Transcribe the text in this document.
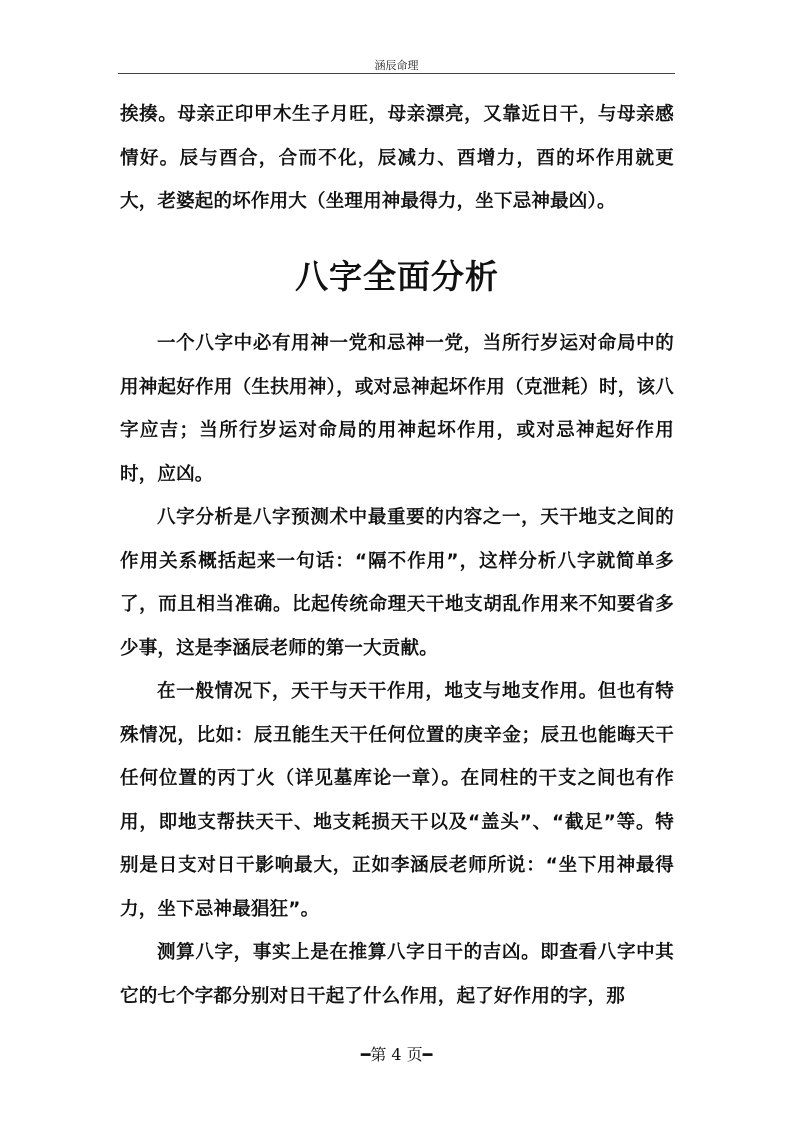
涵辰命理

挨揍。母亲正印甲木生子月旺，母亲漂亮，又靠近日干，与母亲感情好。辰与酉合，合而不化，辰减力、酉增力，酉的坏作用就更大，老婆起的坏作用大（坐理用神最得力，坐下忌神最凶）。

八字全面分析

一个八字中必有用神一党和忌神一党，当所行岁运对命局中的用神起好作用（生扶用神），或对忌神起坏作用（克泄耗）时，该八字应吉；当所行岁运对命局的用神起坏作用，或对忌神起好作用时，应凶。

八字分析是八字预测术中最重要的内容之一，天干地支之间的作用关系概括起来一句话：“隔不作用”，这样分析八字就简单多了，而且相当准确。比起传统命理天干地支胡乱作用来不知要省多少事，这是李涵辰老师的第一大贡献。

在一般情况下，天干与天干作用，地支与地支作用。但也有特殊情况，比如：辰丑能生天干任何位置的庚辛金；辰丑也能晦天干任何位置的丙丁火（详见墓库论一章）。在同柱的干支之间也有作用，即地支帮扶天干、地支耗损天干以及“盖头”、“截足”等。特别是日支对日干影响最大，正如李涵辰老师所说：“坐下用神最得力，坐下忌神最猖狂”。

测算八字，事实上是在推算八字日干的吉凶。即查看八字中其它的七个字都分别对日干起了什么作用，起了好作用的字，那

━第 4 页━
